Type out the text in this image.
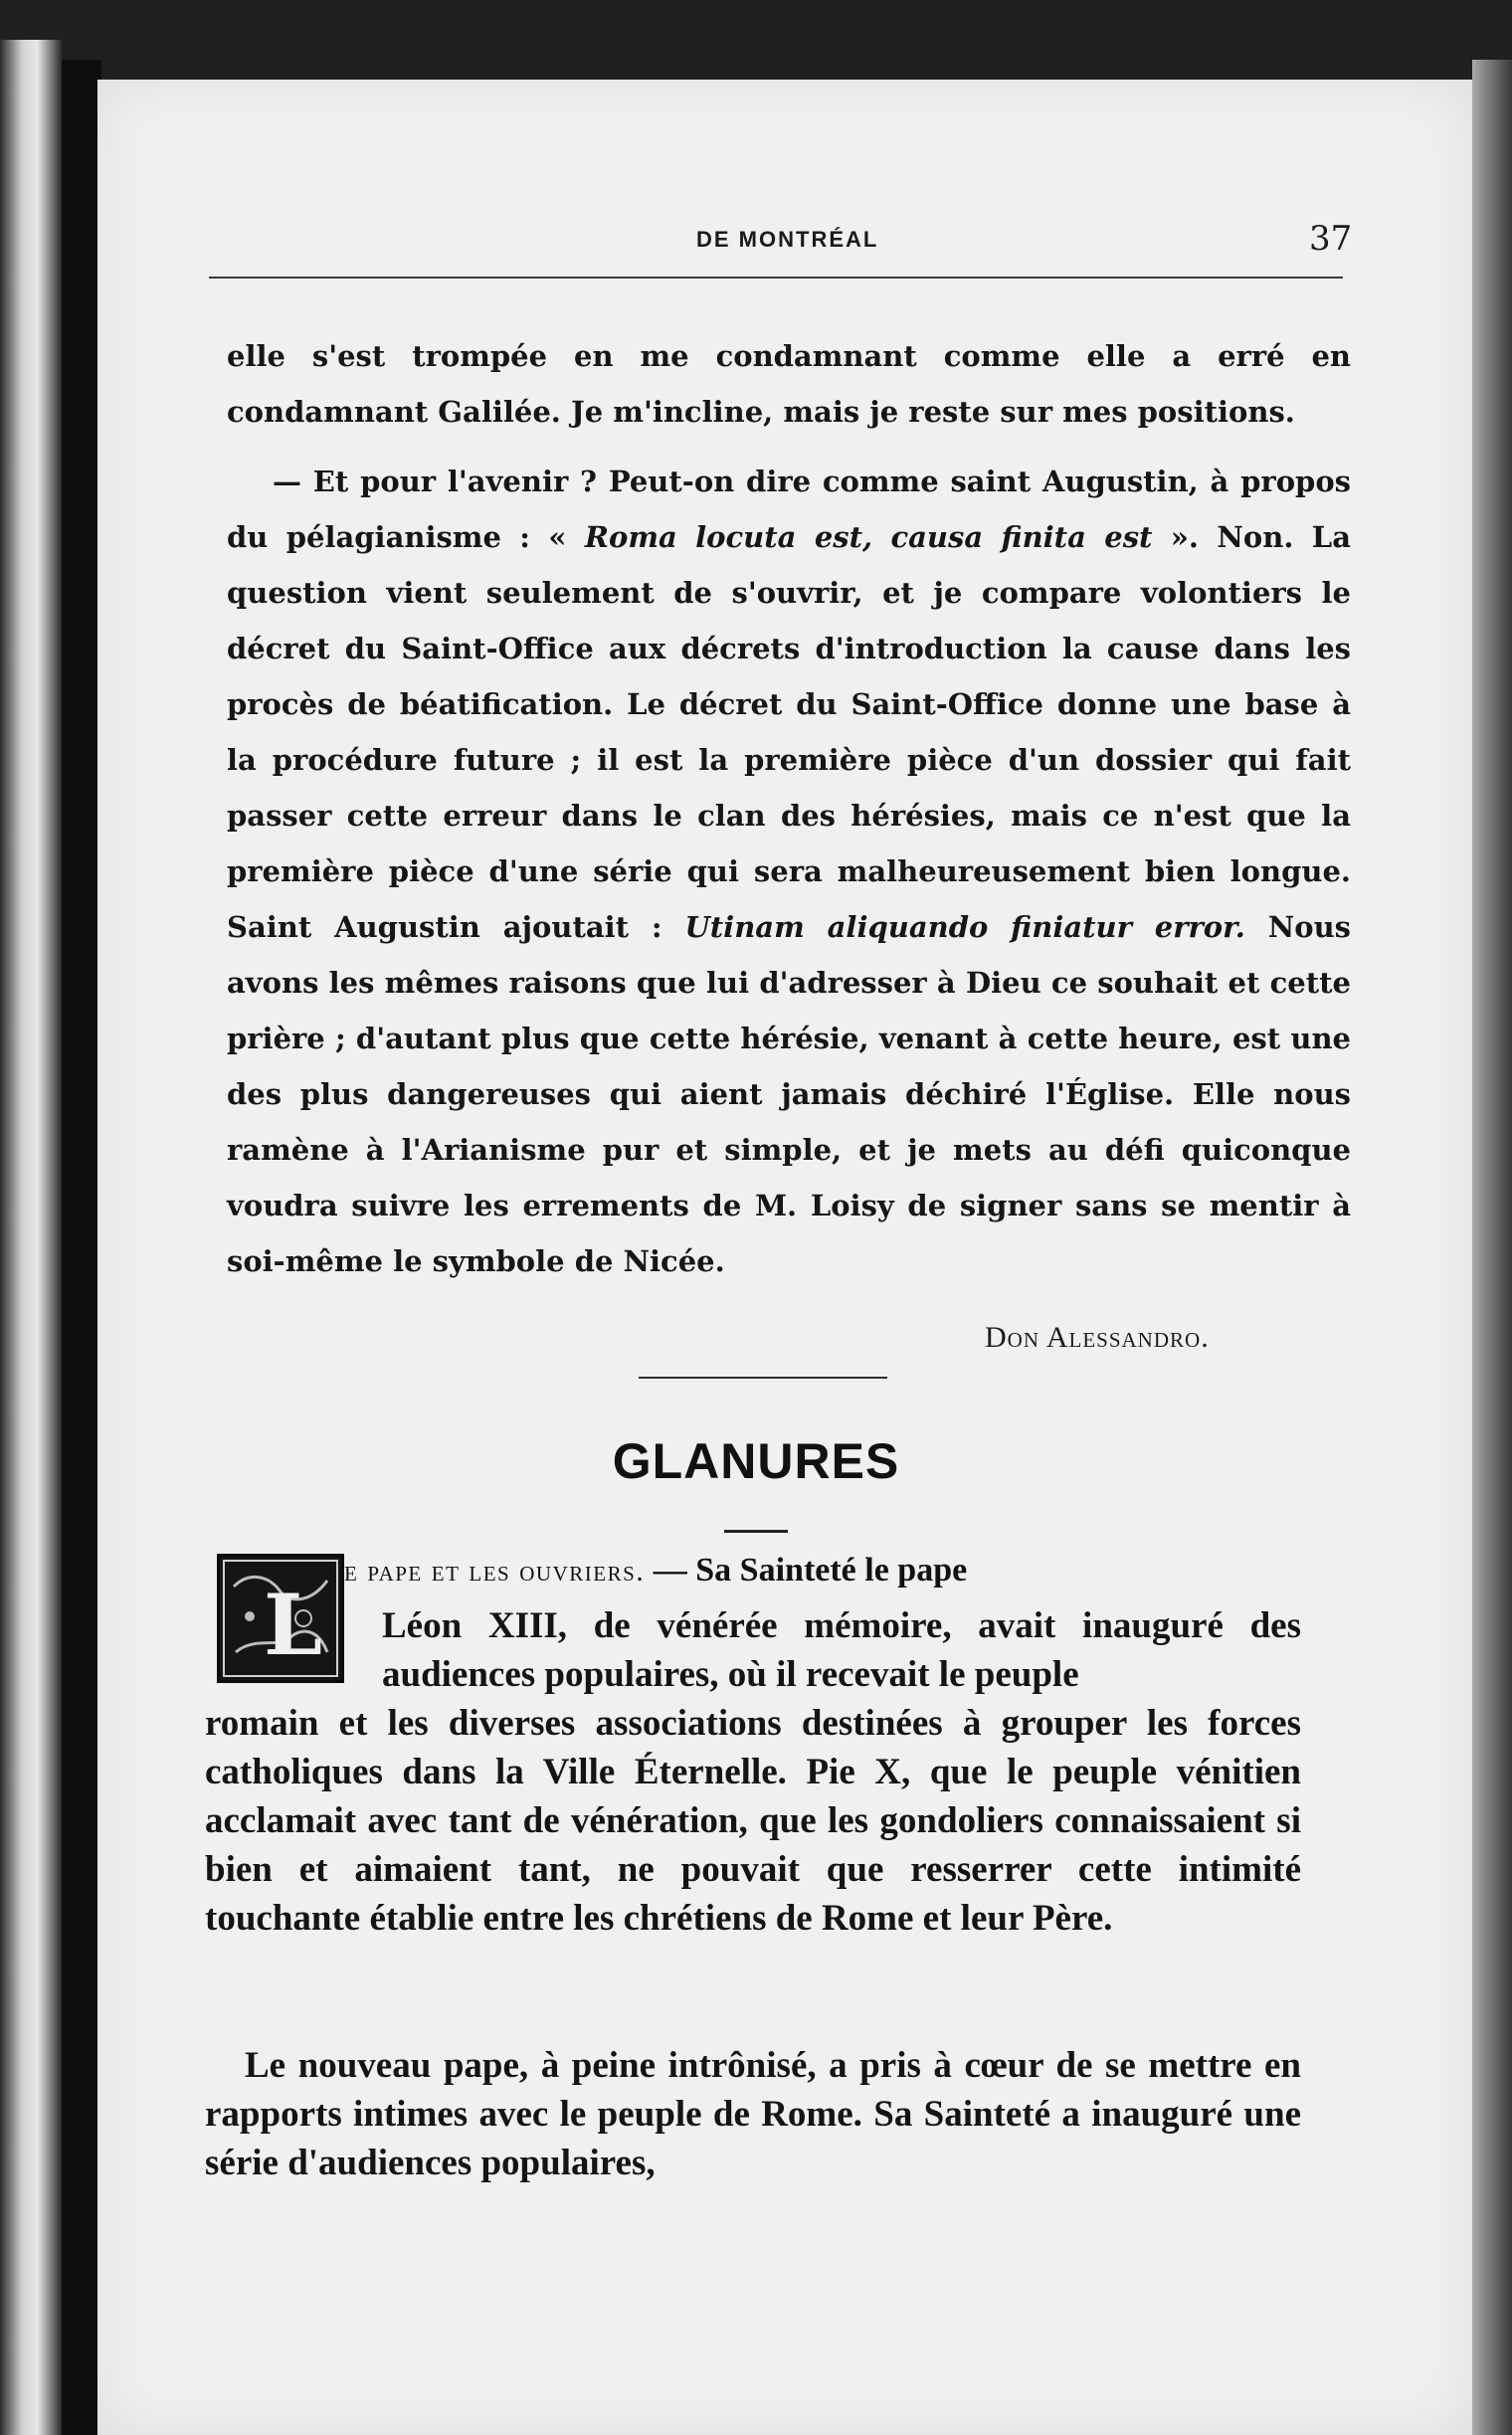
DE MONTRÉAL	37

elle s'est trompée en me condamnant comme elle a erré en condamnant Galilée. Je m'incline, mais je reste sur mes positions.

— Et pour l'avenir ? Peut-on dire comme saint Augustin, à propos du pélagianisme : « Roma locuta est, causa finita est ». Non. La question vient seulement de s'ouvrir, et je compare volontiers le décret du Saint-Office aux décrets d'introduction la cause dans les procès de béatification. Le décret du Saint-Office donne une base à la procédure future ; il est la première pièce d'un dossier qui fait passer cette erreur dans le clan des hérésies, mais ce n'est que la première pièce d'une série qui sera malheureusement bien longue. Saint Augustin ajoutait : Utinam aliquando finiatur error. Nous avons les mêmes raisons que lui d'adresser à Dieu ce souhait et cette prière ; d'autant plus que cette hérésie, venant à cette heure, est une des plus dangereuses qui aient jamais déchiré l'Église. Elle nous ramène à l'Arianisme pur et simple, et je mets au défi quiconque voudra suivre les errements de M. Loisy de signer sans se mentir à soi-même le symbole de Nicée.

Don Alessandro.
GLANURES
L
e pape et les ouvriers. — Sa Sainteté le pape

Léon XIII, de vénérée mémoire, avait inauguré des audiences populaires, où il recevait le peuple

romain et les diverses associations destinées à grouper les forces catholiques dans la Ville Éternelle. Pie X, que le peuple vénitien acclamait avec tant de vénération, que les gondoliers connaissaient si bien et aimaient tant, ne pouvait que resserrer cette intimité touchante établie entre les chrétiens de Rome et leur Père.

Le nouveau pape, à peine intrônisé, a pris à cœur de se mettre en rapports intimes avec le peuple de Rome. Sa Sainteté a inauguré une série d'audiences populaires,
